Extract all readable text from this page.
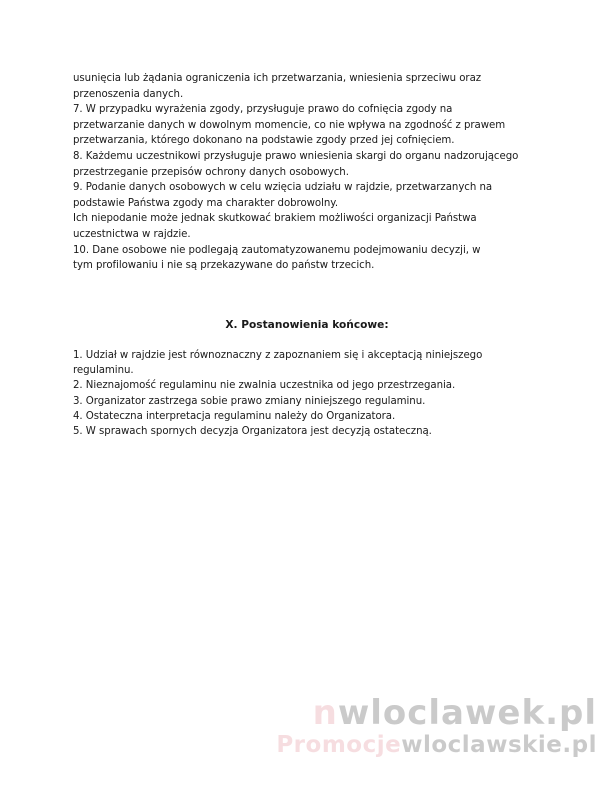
usunięcia lub żądania ograniczenia ich przetwarzania, wniesienia sprzeciwu oraz
przenoszenia danych.
7. W przypadku wyrażenia zgody, przysługuje prawo do cofnięcia zgody na
przetwarzanie danych w dowolnym momencie, co nie wpływa na zgodność z prawem
przetwarzania, którego dokonano na podstawie zgody przed jej cofnięciem.
8. Każdemu uczestnikowi przysługuje prawo wniesienia skargi do organu nadzorującego
przestrzeganie przepisów ochrony danych osobowych.
9. Podanie danych osobowych w celu wzięcia udziału w rajdzie, przetwarzanych na
podstawie Państwa zgody ma charakter dobrowolny.
Ich niepodanie może jednak skutkować brakiem możliwości organizacji Państwa
uczestnictwa w rajdzie.
10. Dane osobowe nie podlegają zautomatyzowanemu podejmowaniu decyzji, w
tym profilowaniu i nie są przekazywane do państw trzecich.
X. Postanowienia końcowe:
1. Udział w rajdzie jest równoznaczny z zapoznaniem się i akceptacją niniejszego
regulaminu.
2. Nieznajomość regulaminu nie zwalnia uczestnika od jego przestrzegania.
3. Organizator zastrzega sobie prawo zmiany niniejszego regulaminu.
4. Ostateczna interpretacja regulaminu należy do Organizatora.
5. W sprawach spornych decyzja Organizatora jest decyzją ostateczną.
nwloclawek.pl
Promocjewloclawskie.pl
